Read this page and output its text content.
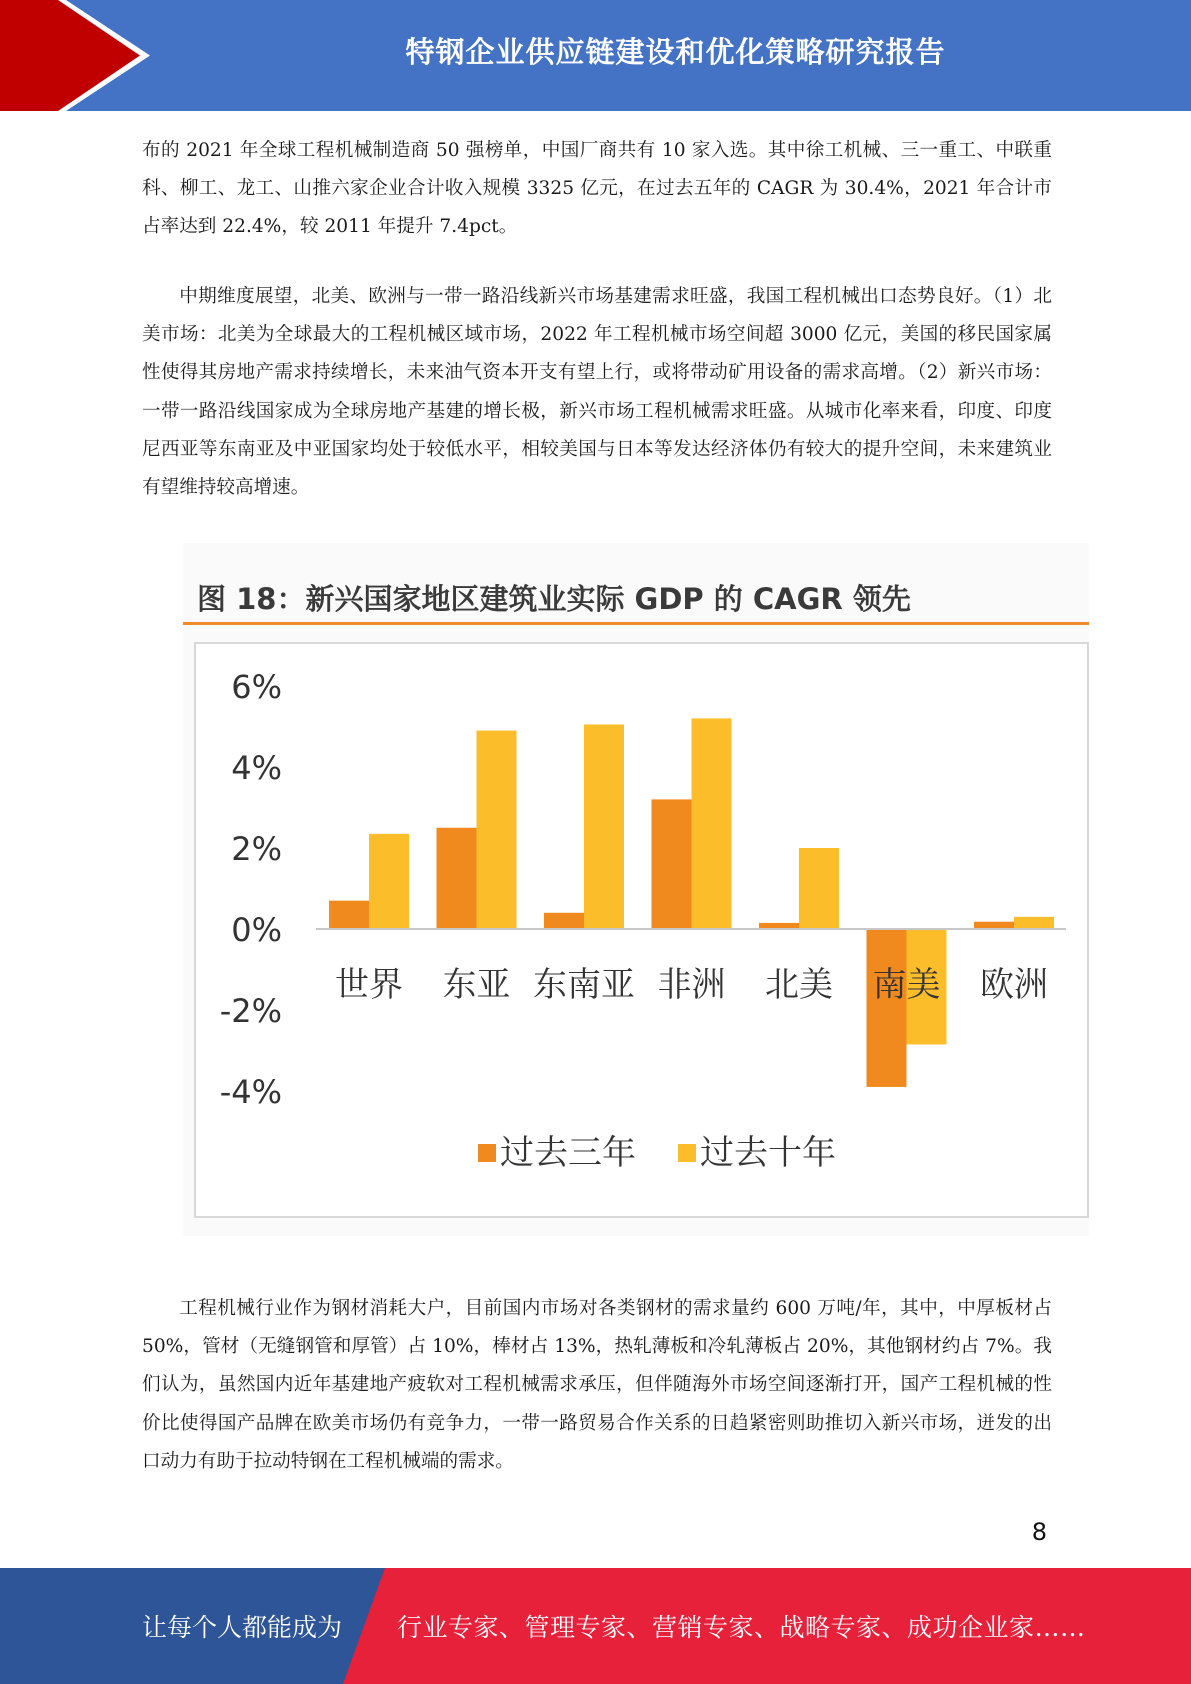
特钢企业供应链建设和优化策略研究报告

布的 2021 年全球工程机械制造商 50 强榜单，中国厂商共有 10 家入选。其中徐工机械、三一重工、中联重科、柳工、龙工、山推六家企业合计收入规模 3325 亿元，在过去五年的 CAGR 为 30.4%，2021 年合计市占率达到 22.4%，较 2011 年提升 7.4pct。

中期维度展望，北美、欧洲与一带一路沿线新兴市场基建需求旺盛，我国工程机械出口态势良好。（1）北美市场：北美为全球最大的工程机械区域市场，2022 年工程机械市场空间超 3000 亿元，美国的移民国家属性使得其房地产需求持续增长，未来油气资本开支有望上行，或将带动矿用设备的需求高增。（2）新兴市场：一带一路沿线国家成为全球房地产基建的增长极，新兴市场工程机械需求旺盛。从城市化率来看，印度、印度尼西亚等东南亚及中亚国家均处于较低水平，相较美国与日本等发达经济体仍有较大的提升空间，未来建筑业有望维持较高增速。

图 18：新兴国家地区建筑业实际 GDP 的 CAGR 领先
6%
4%
2%
0%
-2%
-4%
世界 东亚 东南亚 非洲 北美 南美 欧洲
过去三年 过去十年

工程机械行业作为钢材消耗大户，目前国内市场对各类钢材的需求量约 600 万吨/年，其中，中厚板材占 50%，管材（无缝钢管和厚管）占 10%，棒材占 13%，热轧薄板和冷轧薄板占 20%，其他钢材约占 7%。我们认为，虽然国内近年基建地产疲软对工程机械需求承压，但伴随海外市场空间逐渐打开，国产工程机械的性价比使得国产品牌在欧美市场仍有竞争力，一带一路贸易合作关系的日趋紧密则助推切入新兴市场，迸发的出口动力有助于拉动特钢在工程机械端的需求。

8
让每个人都能成为 行业专家、管理专家、营销专家、战略专家、成功企业家……
